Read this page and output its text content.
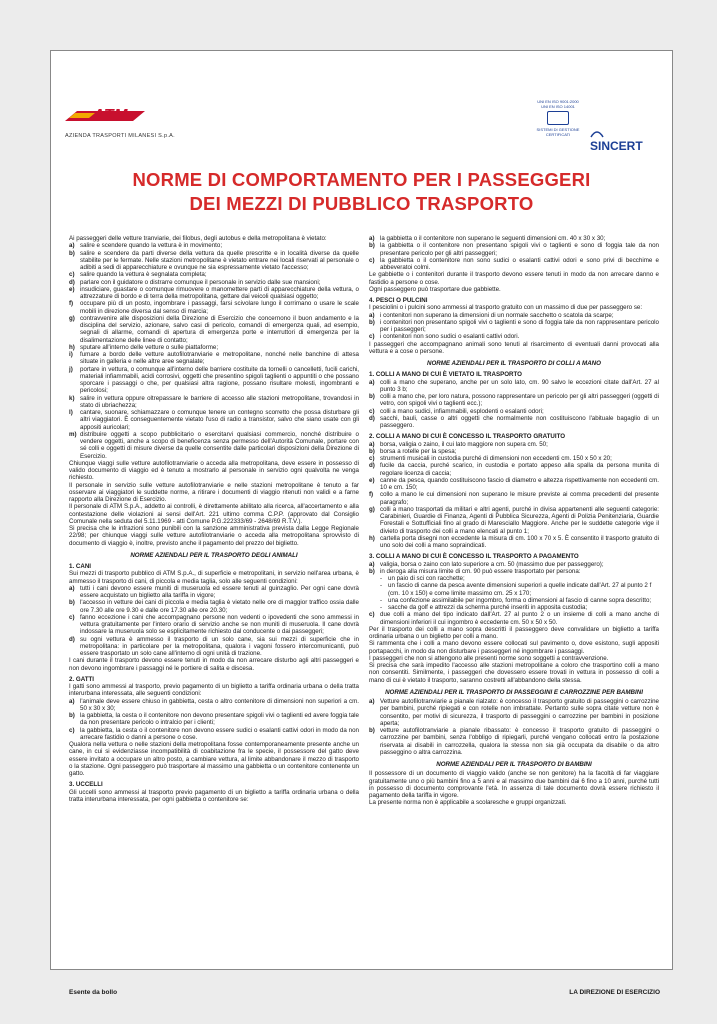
ATM
AZIENDA TRASPORTI MILANESI S.p.A.
UNI EN ISO 9001:2000
UNI EN ISO 14001
SISTEMI DI GESTIONE
CERTIFICATI
SINCERT
NORME DI COMPORTAMENTO PER I PASSEGGERI
DEI MEZZI DI PUBBLICO TRASPORTO

Ai passeggeri delle vetture tranviarie, dei filobus, degli autobus e della metropolitana è vietato:

a) salire e scendere quando la vettura è in movimento;
b) salire e scendere da parti diverse della vettura da quelle prescritte e in località diverse da quelle stabilite per le fermate. Nelle stazioni metropolitane è vietato entrare nei locali riservati al personale o adibiti a sedi di apparecchiature e ovunque ne sia espressamente vietato l'accesso;
c) salire quando la vettura è segnalata completa;
d) parlare con il guidatore o distrarre comunque il personale in servizio dalle sue mansioni;
e) insudiciare, guastare o comunque rimuovere o manomettere parti di apparecchiature della vettura, o attrezzature di bordo e di terra della metropolitana, gettare dai veicoli qualsiasi oggetto;
f)	occupare più di un posto, ingombrare i passaggi, farsi scivolare lungo il corrimano o usare le scale mobili in direzione diversa dal senso di marcia;
g) contravvenire alle disposizioni della Direzione di Esercizio che concernono il buon andamento e la disciplina del servizio, azionare, salvo casi di pericolo, comandi di emergenza quali, ad esempio, segnali di allarme, comandi di apertura di emergenza porte e interruttori di emergenza per la disalimentazione delle linee di contatto;
h) sputare all'interno delle vetture o sulle piattaforme;
i)	fumare a bordo delle vetture autofilotranviarie e metropolitane, nonché nelle banchine di attesa situate in galleria e nelle altre aree segnalate;
j)	portare in vettura, o comunque all'interno delle barriere costituite da tornelli o cancelletti, fucili carichi, materiali infiammabili, acidi corrosivi, oggetti che presentino spigoli taglienti o appuntiti o che possano sporcare i passaggi o che, per qualsiasi altra ragione, possano risultare molesti, ingombranti e pericolosi;
k) salire in vettura oppure oltrepassare le barriere di accesso alle stazioni metropolitane, trovandosi in stato di ubriachezza;
l)	cantare, suonare, schiamazzare o comunque tenere un contegno scorretto che possa disturbare gli altri viaggiatori. È conseguentemente vietato l'uso di radio a transistor, salvo che siano usate con gli appositi auricolari;
m) distribuire oggetti a scopo pubblicitario o esercitarvi qualsiasi commercio, nonché distribuire o vendere oggetti, anche a scopo di beneficenza senza permesso dell'Autorità Comunale, portare con sé colli e oggetti di misure diverse da quelle consentite dalle particolari disposizioni della Direzione di Esercizio.

Chiunque viaggi sulle vetture autofilotranviarie o acceda alla metropolitana, deve essere in possesso di valido documento di viaggio ed è tenuto a mostrarlo al personale in servizio ogni qualvolta ne venga richiesto.

Il personale in servizio sulle vetture autofilotranviarie e nelle stazioni metropolitane è tenuto a far osservare ai viaggiatori le suddette norme, a ritirare i documenti di viaggio ritenuti non validi e a farne rapporto alla Direzione di Esercizio.

Il personale di ATM S.p.A., addetto ai controlli, è direttamente abilitato alla ricerca, all'accertamento e alla contestazione delle violazioni ai sensi dell'Art. 221 ultimo comma C.P.P. (approvato dal Consiglio Comunale nella seduta del 5.11.1969 - atti Comune P.G.222333/69 - 2648/69 R.T.V.).

Si precisa che le infrazioni sono punibili con la sanzione amministrativa prevista dalla Legge Regionale 22/98; per chiunque viaggi sulle vetture autofilotranviarie o acceda alla metropolitana sprovvisto di documento di viaggio è, inoltre, previsto anche il pagamento del prezzo del biglietto.

NORME AZIENDALI PER IL TRASPORTO DEGLI ANIMALI
1. CANI

Sui mezzi di trasporto pubblico di ATM S.p.A., di superficie e metropolitani, in servizio nell'area urbana, è ammesso il trasporto di cani, di piccola e media taglia, solo alle seguenti condizioni:

a) tutti i cani devono essere muniti di museruola ed essere tenuti al guinzaglio. Per ogni cane dovrà essere acquistato un biglietto alla tariffa in vigore;
b) l'accesso in vetture dei cani di piccola e media taglia è vietato nelle ore di maggior traffico ossia dalle ore 7.30 alle ore 9.30 e dalle ore 17.30 alle ore 20.30;
c) fanno eccezione i cani che accompagnano persone non vedenti o ipovedenti che sono ammessi in vettura gratuitamente per l'intero orario di servizio anche se non muniti di museruola. Il cane dovrà indossare la museruola solo se esplicitamente richiesto dal conducente o dai passeggeri;
d) su ogni vettura è ammesso il trasporto di un solo cane, sia sui mezzi di superficie che in metropolitana: in particolare per la metropolitana, qualora i vagoni fossero intercomunicanti, può essere trasportato un solo cane all'interno di ogni unità di trazione.

I cani durante il trasporto devono essere tenuti in modo da non arrecare disturbo agli altri passeggeri e non devono ingombrare i passaggi né le portiere di salita e discesa.

2. GATTI

I gatti sono ammessi al trasporto, previo pagamento di un biglietto a tariffa ordinaria urbana o della tratta interurbana interessata, alle seguenti condizioni:

a) l'animale deve essere chiuso in gabbietta, cesta o altro contenitore di dimensioni non superiori a cm. 50 x 30 x 30;
b) la gabbietta, la cesta o il contenitore non devono presentare spigoli vivi o taglienti ed avere foggia tale da non presentare pericolo o intralcio per i clienti;
c) la gabbietta, la cesta o il contenitore non devono essere sudici o esalanti cattivi odori in modo da non arrecare fastidio o danni a persone o cose.

Qualora nella vettura o nelle stazioni della metropolitana fosse contemporaneamente presente anche un cane, in cui si evidenziasse incompatibilità di coabitazione fra le specie, il possessore del gatto deve essere invitato a occupare un altro posto, a cambiare vettura, al limite abbandonare il mezzo di trasporto o la stazione. Ogni passeggero può trasportare al massimo una gabbietta o un contenitore contenente un gatto.

3. UCCELLI

Gli uccelli sono ammessi al trasporto previo pagamento di un biglietto a tariffa ordinaria urbana o della tratta interurbana interessata, per ogni gabbietta o contenitore se:

a) la gabbietta o il contenitore non superano le seguenti dimensioni cm. 40 x 30 x 30;
b) la gabbietta o il contenitore non presentano spigoli vivi o taglienti e sono di foggia tale da non presentare pericolo per gli altri passeggeri;
c) la gabbietta o il contenitore non sono sudici o esalanti cattivi odori e sono privi di becchime e abbeveratoi colmi.

Le gabbiette o i contenitori durante il trasporto devono essere tenuti in modo da non arrecare danno e fastidio a persone o cose.

Ogni passeggero può trasportare due gabbiette.

4. PESCI O PULCINI

I pesciolini o i pulcini sono ammessi al trasporto gratuito con un massimo di due per passeggero se:

a) i contenitori non superano la dimensioni di un normale sacchetto o scatola da scarpe;
b) i contenitori non presentano spigoli vivi o taglienti e sono di foggia tale da non rappresentare pericolo per i passeggeri;
c) i contenitori non sono sudici o esalanti cattivi odori.

I passeggeri che accompagnano animali sono tenuti al risarcimento di eventuali danni provocati alla vettura e a cose o persone.

NORME AZIENDALI PER IL TRASPORTO DI COLLI A MANO
1. COLLI A MANO DI CUI È VIETATO IL TRASPORTO
a) colli a mano che superano, anche per un solo lato, cm. 90 salvo le eccezioni citate dall'Art. 27 al punto 3 b;
b) colli a mano che, per loro natura, possono rappresentare un pericolo per gli altri passeggeri (oggetti di vetro, con spigoli vivi o taglienti ecc.);
c) colli a mano sudici, infiammabili, esplodenti o esalanti odori;
d) sacchi, bauli, casse o altri oggetti che normalmente non costituiscono l'abituale bagaglio di un passeggero.
2. COLLI A MANO DI CUI È CONCESSO IL TRASPORTO GRATUITO
a) borsa, valigia o zaino, il cui lato maggiore non supera cm. 50;
b) borsa a rotelle per la spesa;
c) strumenti musicali in custodia purché di dimensioni non eccedenti cm. 150 x 50 x 20;
d) fucile da caccia, purché scarico, in custodia e portato appeso alla spalla da persona munita di regolare licenza di caccia;
e) canne da pesca, quando costituiscono fascio di diametro e altezza rispettivamente non eccedenti cm. 10 e cm. 150;
f)	collo a mano le cui dimensioni non superano le misure previste ai comma precedenti del presente paragrafo;
g) colli a mano trasportati da militari e altri agenti, purché in divisa appartenenti alle seguenti categorie: Carabinieri, Guardie di Finanza, Agenti di Pubblica Sicurezza, Agenti di Polizia Penitenziaria, Guardie Forestali e Sottufficiali fino al grado di Maresciallo Maggiore. Anche per le suddette categorie vige il divieto di trasporto dei colli a mano elencati al punto 1;
h) cartella porta disegni non eccedente la misura di cm. 100 x 70 x 5. È consentito il trasporto gratuito di uno solo dei colli a mano sopraindicati.
3. COLLI A MANO DI CUI È CONCESSO IL TRASPORTO A PAGAMENTO
a) valigia, borsa o zaino con lato superiore a cm. 50 (massimo due per passeggero);
b) in deroga alla misura limite di cm. 90 può essere trasportato per persona:
- un paio di sci con racchette;
- un fascio di canne da pesca avente dimensioni superiori a quelle indicate dall'Art. 27 al punto 2 f (cm. 10 x 150) e come limite massimo cm. 25 x 170;
- una confezione assimilabile per ingombro, forma o dimensioni al fascio di canne sopra descritto;
- sacche da golf e attrezzi da scherma purché inseriti in apposita custodia;
c) due colli a mano del tipo indicato dall'Art. 27 al punto 2 o un insieme di colli a mano anche di dimensioni inferiori il cui ingombro è eccedente cm. 50 x 50 x 50.

Per il trasporto dei colli a mano sopra descritti il passeggero deve convalidare un biglietto a tariffa ordinaria urbana o un biglietto per colli a mano.

Si rammenta che i colli a mano devono essere collocati sul pavimento o, dove esistono, sugli appositi portapacchi, in modo da non disturbare i passeggeri né ingombrare i passaggi.

I passeggeri che non si attengono alle presenti norme sono soggetti a contravvenzione.

Si precisa che sarà impedito l'accesso alle stazioni metropolitane a coloro che trasportino colli a mano non consentiti. Similmente, i passeggeri che dovessero essere trovati in vettura in possesso di colli a mano di cui è vietato il trasporto, saranno costretti all'abbandono della stessa.

NORME AZIENDALI PER IL TRASPORTO DI PASSEGGINI E CARROZZINE PER BAMBINI
a) Vetture autofilotranviarie a pianale rialzato: è concesso il trasporto gratuito di passeggini o carrozzine per bambini, purché ripiegati e con rotelle non imbrattate. Pertanto sulle sopra citate vetture non è consentito, per motivi di sicurezza, il trasporto di passeggini o carrozzine per bambini in posizione aperta;
b) vetture autofilotranviarie a pianale ribassato: è concesso il trasporto gratuito di passeggini o carrozzine per bambini, senza l'obbligo di ripiegarli, purché vengano collocati entro la postazione riservata ai disabili in carrozzella, qualora la stessa non sia già occupata da disabile o da altro passeggino o altra carrozzina.
NORME AZIENDALI PER IL TRASPORTO DI BAMBINI

Il possessore di un documento di viaggio valido (anche se non genitore) ha la facoltà di far viaggiare gratuitamente uno o più bambini fino a 5 anni e al massimo due bambini dai 6 fino a 10 anni, purché tutti in possesso di documento comprovante l'età. In assenza di tale documento dovrà essere richiesto il pagamento della tariffa in vigore.

La presente norma non è applicabile a scolaresche e gruppi organizzati.

Esente da bollo	LA DIREZIONE DI ESERCIZIO
